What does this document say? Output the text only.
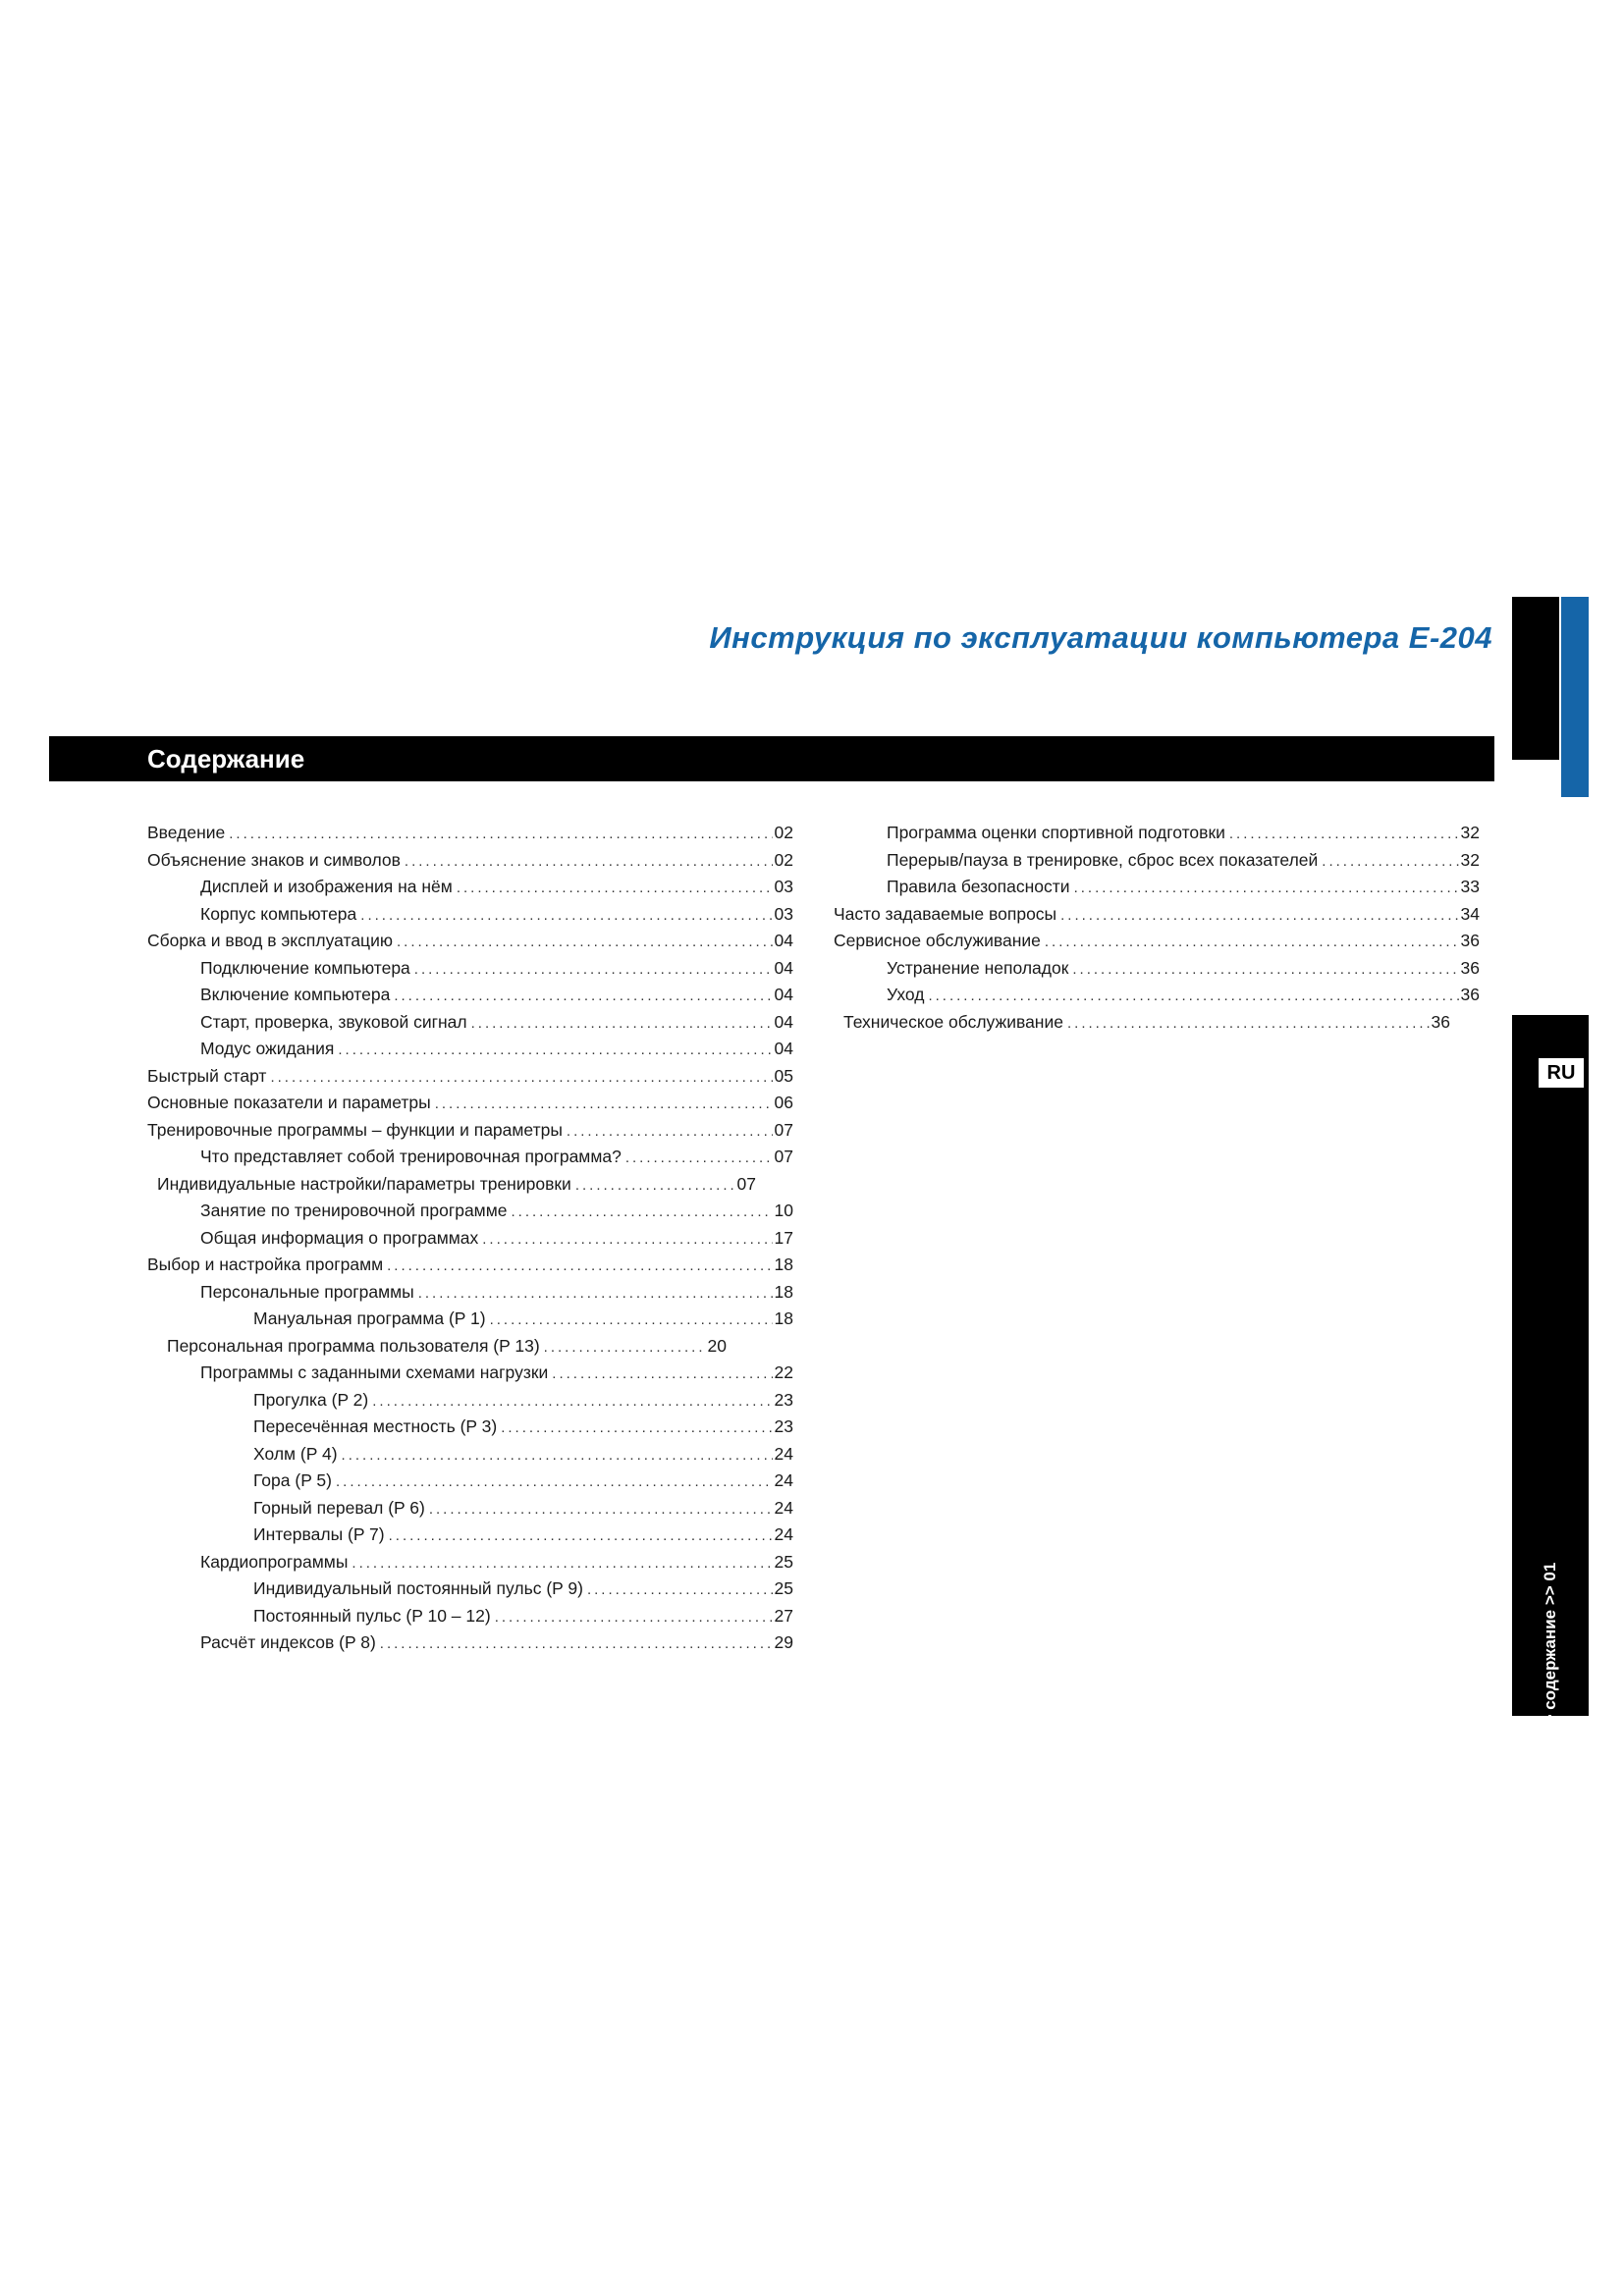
Инструкция по эксплуатации компьютера E-204
Содержание
RU
>> содержание >> 01
Введение .....	02
Объяснение знаков и символов .....	02
Дисплей и изображения на нём .....	03
Корпус компьютера .....	03
Сборка и ввод в эксплуатацию .....	04
Подключение компьютера .....	04
Включение компьютера .....	04
Старт, проверка, звуковой сигнал .....	04
Модус ожидания .....	04
Быстрый старт .....	05
Основные показатели и параметры .....	06
Тренировочные программы – функции и параметры .....	07
Что представляет собой тренировочная программа? .....	07
Индивидуальные настройки/параметры тренировки .....	07
Занятие по тренировочной программе .....	10
Общая информация о программах .....	17
Выбор и настройка программ .....	18
Персональные программы .....	18
Мануальная программа (P 1) .....	18
Персональная программа пользователя (P 13) .....	20
Программы с заданными схемами нагрузки .....	22
Прогулка (P 2) .....	23
Пересечённая местность (P 3) .....	23
Холм (P 4) .....	24
Гора (P 5) .....	24
Горный перевал (P 6) .....	24
Интервалы (P 7) .....	24
Кардиопрограммы .....	25
Индивидуальный постоянный пульс (P 9) .....	25
Постоянный пульс (P 10 – 12) .....	27
Расчёт индексов (P 8) .....	29
Программа оценки спортивной подготовки .....	32
Перерыв/пауза в тренировке, сброс всех показателей .....	32
Правила безопасности .....	33
Часто задаваемые вопросы .....	34
Сервисное обслуживание .....	36
Устранение неполадок .....	36
Уход .....	36
Техническое обслуживание .....	36
